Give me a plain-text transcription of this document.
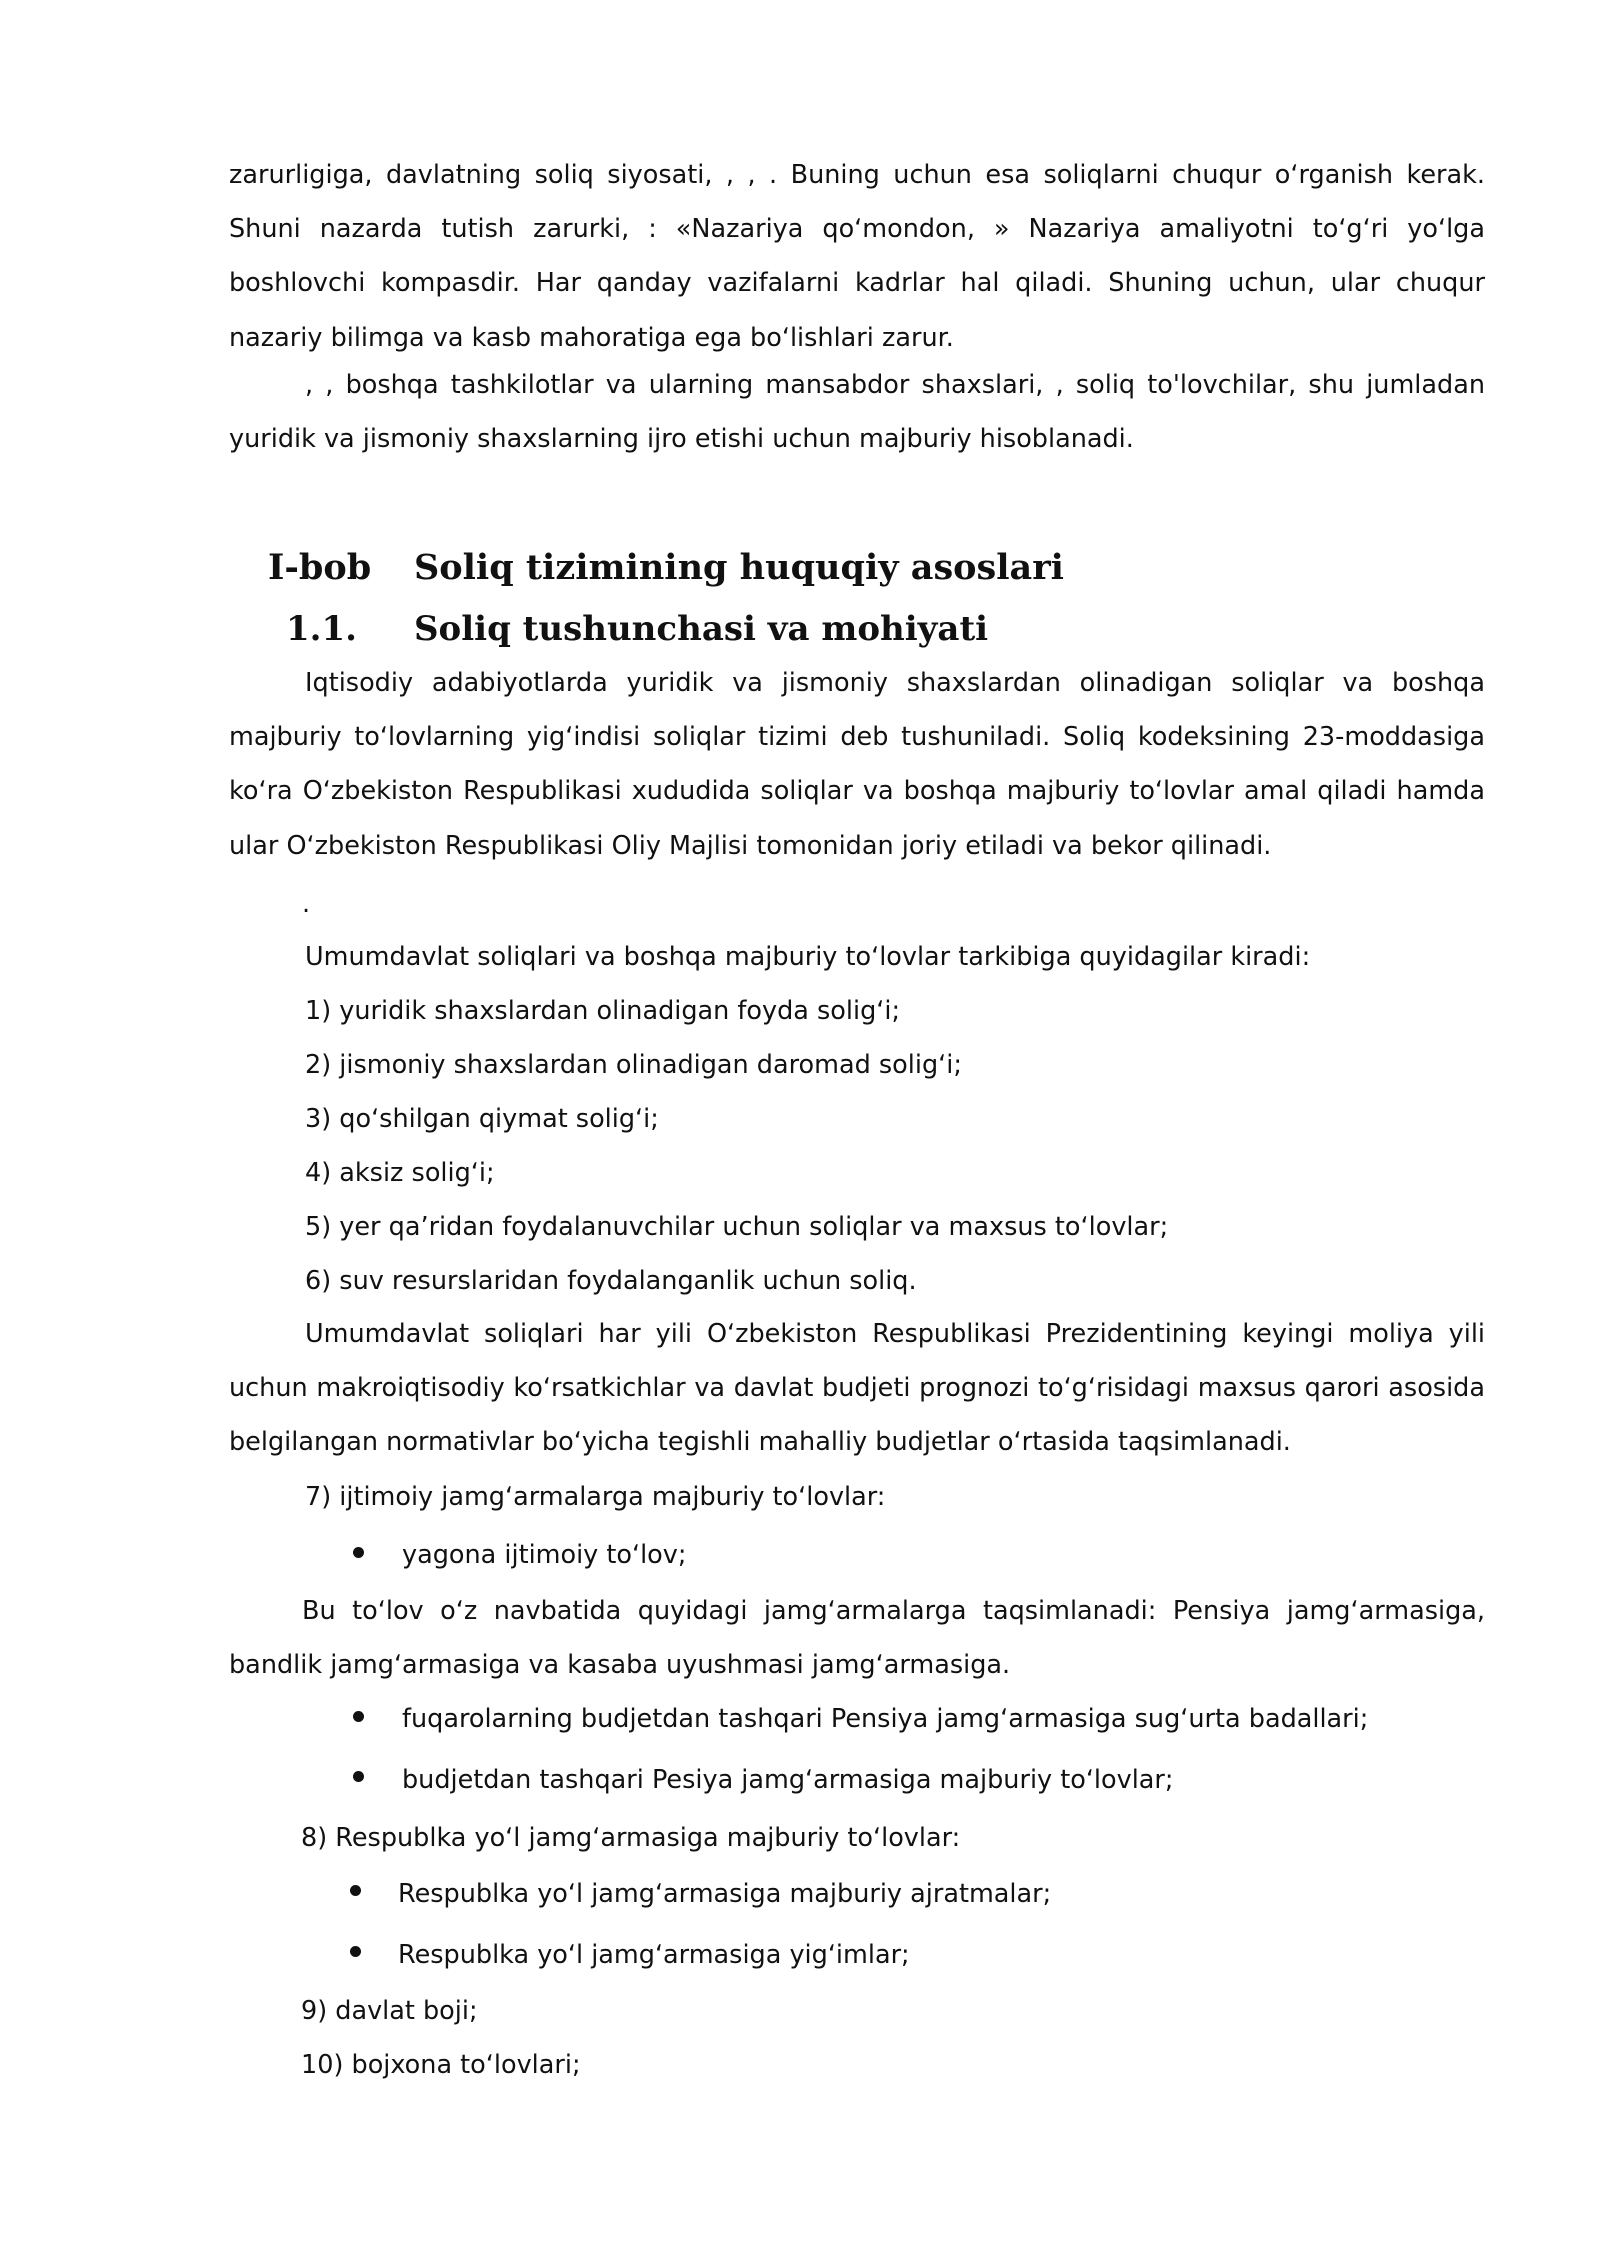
zarurligiga, davlatning soliq siyosati, , , . Buning uchun esa soliqlarni chuqur oʻrganish kerak. Shuni nazarda tutish zarurki, : «Nazariya qoʻmondon, » Nazariya amaliyotni toʻgʻri yoʻlga boshlovchi kompasdir. Har qanday vazifalarni kadrlar hal qiladi. Shuning uchun, ular chuqur nazariy bilimga va kasb mahoratiga ega boʻlishlari zarur.

, , boshqa tashkilotlar va ularning mansabdor shaxslari, , soliq to'lovchilar, shu jumladan yuridik va jismoniy shaxslarning ijro etishi uchun majburiy hisoblanadi.

I-bob Soliq tizimining huquqiy asoslari
1.1. Soliq tushunchasi va mohiyati

Iqtisodiy adabiyotlarda yuridik va jismoniy shaxslardan olinadigan soliqlar va boshqa majburiy toʻlovlarning yigʻindisi soliqlar tizimi deb tushuniladi. Soliq kodeksining 23-moddasiga koʻra Oʻzbekiston Respublikasi xududida soliqlar va boshqa majburiy toʻlovlar amal qiladi hamda ular Oʻzbekiston Respublikasi Oliy Majlisi tomonidan joriy etiladi va bekor qilinadi.

.

Umumdavlat soliqlari va boshqa majburiy toʻlovlar tarkibiga quyidagilar kiradi:

1) yuridik shaxslardan olinadigan foyda soligʻi;

2) jismoniy shaxslardan olinadigan daromad soligʻi;

3) qoʻshilgan qiymat soligʻi;

4) aksiz soligʻi;

5) yer qaʼridan foydalanuvchilar uchun soliqlar va maxsus toʻlovlar;

6) suv resurslaridan foydalanganlik uchun soliq.

Umumdavlat soliqlari har yili Oʻzbekiston Respublikasi Prezidentining keyingi moliya yili uchun makroiqtisodiy koʻrsatkichlar va davlat budjeti prognozi toʻgʻrisidagi maxsus qarori asosida belgilangan normativlar boʻyicha tegishli mahalliy budjetlar oʻrtasida taqsimlanadi.

7) ijtimoiy jamgʻarmalarga majburiy toʻlovlar:

yagona ijtimoiy toʻlov;

Bu toʻlov oʻz navbatida quyidagi jamgʻarmalarga taqsimlanadi: Pensiya jamgʻarmasiga, bandlik jamgʻarmasiga va kasaba uyushmasi jamgʻarmasiga.

fuqarolarning budjetdan tashqari Pensiya jamgʻarmasiga sugʻurta badallari;

budjetdan tashqari Pesiya jamgʻarmasiga majburiy toʻlovlar;

8) Respublka yoʻl jamgʻarmasiga majburiy toʻlovlar:

Respublka yoʻl jamgʻarmasiga majburiy ajratmalar;

Respublka yoʻl jamgʻarmasiga yigʻimlar;

9) davlat boji;

10) bojxona toʻlovlari;
